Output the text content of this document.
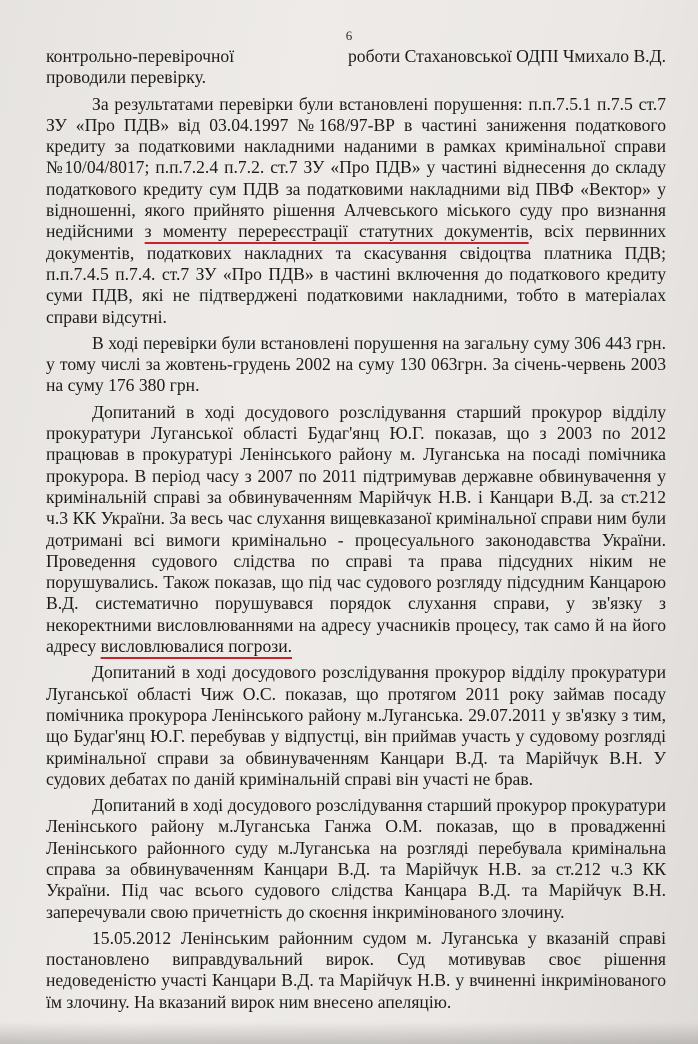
6

контрольно-перевірочної	роботи Стахановської ОДПІ Чмихало В.Д.
проводили перевірку.

За результатами перевірки були встановлені порушення: п.п.7.5.1 п.7.5 ст.7 ЗУ «Про ПДВ» від 03.04.1997 №168/97-ВР в частині заниження податкового кредиту за податковими накладними наданими в рамках кримінальної справи №10/04/8017; п.п.7.2.4 п.7.2. ст.7 ЗУ «Про ПДВ» у частині віднесення до складу податкового кредиту сум ПДВ за податковими накладними від ПВФ «Вектор» у відношенні, якого прийнято рішення Алчевського міського суду про визнання недійсними з моменту перереєстрації статутних документів, всіх первинних документів, податкових накладних та скасування свідоцтва платника ПДВ; п.п.7.4.5 п.7.4. ст.7 ЗУ «Про ПДВ» в частині включення до податкового кредиту суми ПДВ, які не підтверджені податковими накладними, тобто в матеріалах справи відсутні.

В ході перевірки були встановлені порушення на загальну суму 306 443 грн. у тому числі за жовтень-грудень 2002 на суму 130 063грн. За січень-червень 2003 на суму 176 380 грн.

Допитаний в ході досудового розслідування старший прокурор відділу прокуратури Луганської області Будаг'янц Ю.Г. показав, що з 2003 по 2012 працював в прокуратурі Ленінського району м. Луганська на посаді помічника прокурора. В період часу з 2007 по 2011 підтримував державне обвинувачення у кримінальній справі за обвинуваченням Марійчук Н.В. і Канцари В.Д. за ст.212 ч.3 КК України. За весь час слухання вищевказаної кримінальної справи ним були дотримані всі вимоги кримінально - процесуального законодавства України. Проведення судового слідства по справі та права підсудних ніким не порушувались. Також показав, що під час судового розгляду підсудним Канцарою В.Д. систематично порушувався порядок слухання справи, у зв'язку з некоректними висловлюваннями на адресу учасників процесу, так само й на його адресу висловлювалися погрози.

Допитаний в ході досудового розслідування прокурор відділу прокуратури Луганської області Чиж О.С. показав, що протягом 2011 року займав посаду помічника прокурора Ленінського району м.Луганська. 29.07.2011 у зв'язку з тим, що Будаг'янц Ю.Г. перебував у відпустці, він приймав участь у судовому розгляді кримінальної справи за обвинуваченням Канцари В.Д. та Марійчук В.Н. У судових дебатах по даній кримінальній справі він участі не брав.

Допитаний в ході досудового розслідування старший прокурор прокуратури Ленінського району м.Луганська Ганжа О.М. показав, що в провадженні Ленінського районного суду м.Луганська на розгляді перебувала кримінальна справа за обвинуваченням Канцари В.Д. та Марійчук Н.В. за ст.212 ч.3 КК України. Під час всього судового слідства Канцара В.Д. та Марійчук В.Н. заперечували свою причетність до скоєння інкримінованого злочину.

15.05.2012 Ленінським районним судом м. Луганська у вказаній справі постановлено виправдувальний вирок. Суд мотивував своє рішення недоведеністю участі Канцари В.Д. та Марійчук Н.В. у вчиненні інкримінованого їм злочину. На вказаний вирок ним внесено апеляцію.
